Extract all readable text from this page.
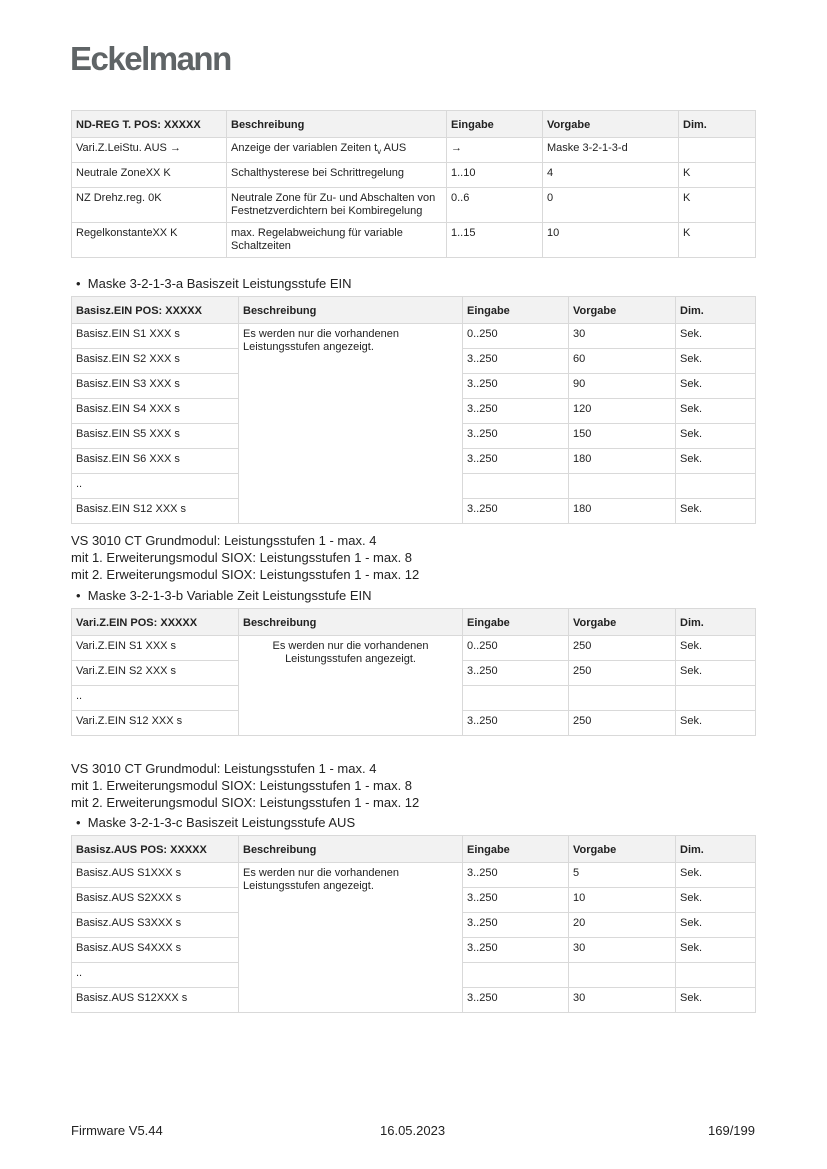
Eckelmann
ND-REG T. POS: XXXXX	Beschreibung	Eingabe	Vorgabe	Dim.
Vari.Z.LeiStu. AUS →	Anzeige der variablen Zeiten $t_v$ AUS	→	Maske 3-2-1-3-d	
Neutrale ZoneXX K	Schalthysterese bei Schrittregelung	1..10	4	K
NZ Drehz.reg. 0K	Neutrale Zone für Zu- und Abschalten von Festnetzverdichtern bei Kombiregelung	0..6	0	K
RegelkonstanteXX K	max. Regelabweichung für variable Schaltzeiten	1..15	10	K
•  Maske 3-2-1-3-a Basiszeit Leistungsstufe EIN
Basisz.EIN POS: XXXXX	Beschreibung	Eingabe	Vorgabe	Dim.
Basisz.EIN S1 XXX s	Es werden nur die vorhandenen Leistungsstufen angezeigt.	0..250	30	Sek.
Basisz.EIN S2 XXX s		3..250	60	Sek.
Basisz.EIN S3 XXX s		3..250	90	Sek.
Basisz.EIN S4 XXX s		3..250	120	Sek.
Basisz.EIN S5 XXX s		3..250	150	Sek.
Basisz.EIN S6 XXX s		3..250	180	Sek.
..				
Basisz.EIN S12 XXX s		3..250	180	Sek.
VS 3010 CT Grundmodul: Leistungsstufen 1 - max. 4
mit 1. Erweiterungsmodul SIOX: Leistungsstufen 1 - max. 8
mit 2. Erweiterungsmodul SIOX: Leistungsstufen 1 - max. 12
•  Maske 3-2-1-3-b Variable Zeit Leistungsstufe EIN
Vari.Z.EIN POS: XXXXX	Beschreibung	Eingabe	Vorgabe	Dim.
Vari.Z.EIN S1 XXX s	Es werden nur die vorhandenen Leistungsstufen angezeigt.	0..250	250	Sek.
Vari.Z.EIN S2 XXX s		3..250	250	Sek.
..				
Vari.Z.EIN S12 XXX s		3..250	250	Sek.
VS 3010 CT Grundmodul: Leistungsstufen 1 - max. 4
mit 1. Erweiterungsmodul SIOX: Leistungsstufen 1 - max. 8
mit 2. Erweiterungsmodul SIOX: Leistungsstufen 1 - max. 12
•  Maske 3-2-1-3-c Basiszeit Leistungsstufe AUS
Basisz.AUS POS: XXXXX	Beschreibung	Eingabe	Vorgabe	Dim.
Basisz.AUS S1XXX s	Es werden nur die vorhandenen Leistungsstufen angezeigt.	3..250	5	Sek.
Basisz.AUS S2XXX s		3..250	10	Sek.
Basisz.AUS S3XXX s		3..250	20	Sek.
Basisz.AUS S4XXX s		3..250	30	Sek.
..				
Basisz.AUS S12XXX s		3..250	30	Sek.
Firmware V5.44	16.05.2023	169/199
